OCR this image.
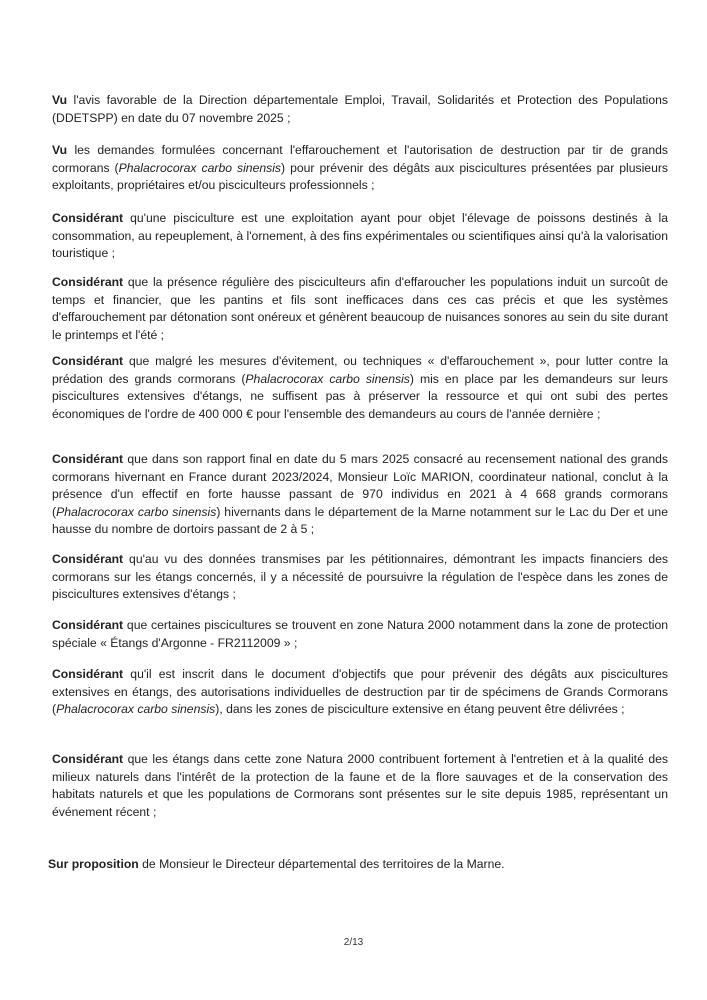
Vu l'avis favorable de la Direction départementale Emploi, Travail, Solidarités et Protection des Populations (DDETSPP) en date du 07 novembre 2025 ;

Vu les demandes formulées concernant l'effarouchement et l'autorisation de destruction par tir de grands cormorans (Phalacrocorax carbo sinensis) pour prévenir des dégâts aux piscicultures présentées par plusieurs exploitants, propriétaires et/ou pisciculteurs professionnels ;

Considérant qu'une pisciculture est une exploitation ayant pour objet l'élevage de poissons destinés à la consommation, au repeuplement, à l'ornement, à des fins expérimentales ou scientifiques ainsi qu'à la valorisation touristique ;

Considérant que la présence régulière des pisciculteurs afin d'effaroucher les populations induit un surcoût de temps et financier, que les pantins et fils sont inefficaces dans ces cas précis et que les systèmes d'effarouchement par détonation sont onéreux et génèrent beaucoup de nuisances sonores au sein du site durant le printemps et l'été ;

Considérant que malgré les mesures d'évitement, ou techniques « d'effarouchement », pour lutter contre la prédation des grands cormorans (Phalacrocorax carbo sinensis) mis en place par les demandeurs sur leurs piscicultures extensives d'étangs, ne suffisent pas à préserver la ressource et qui ont subi des pertes économiques de l'ordre de 400 000 € pour l'ensemble des demandeurs au cours de l'année dernière ;

Considérant que dans son rapport final en date du 5 mars 2025 consacré au recensement national des grands cormorans hivernant en France durant 2023/2024, Monsieur Loïc MARION, coordinateur national, conclut à la présence d'un effectif en forte hausse passant de 970 individus en 2021 à 4 668 grands cormorans (Phalacrocorax carbo sinensis) hivernants dans le département de la Marne notamment sur le Lac du Der et une hausse du nombre de dortoirs passant de 2 à 5 ;

Considérant qu'au vu des données transmises par les pétitionnaires, démontrant les impacts financiers des cormorans sur les étangs concernés, il y a nécessité de poursuivre la régulation de l'espèce dans les zones de piscicultures extensives d'étangs ;

Considérant que certaines piscicultures se trouvent en zone Natura 2000 notamment dans la zone de protection spéciale « Étangs d'Argonne - FR2112009 » ;

Considérant qu'il est inscrit dans le document d'objectifs que pour prévenir des dégâts aux piscicultures extensives en étangs, des autorisations individuelles de destruction par tir de spécimens de Grands Cormorans (Phalacrocorax carbo sinensis), dans les zones de pisciculture extensive en étang peuvent être délivrées ;

Considérant que les étangs dans cette zone Natura 2000 contribuent fortement à l'entretien et à la qualité des milieux naturels dans l'intérêt de la protection de la faune et de la flore sauvages et de la conservation des habitats naturels et que les populations de Cormorans sont présentes sur le site depuis 1985, représentant un événement récent ;

Sur proposition de Monsieur le Directeur départemental des territoires de la Marne.

2/13
